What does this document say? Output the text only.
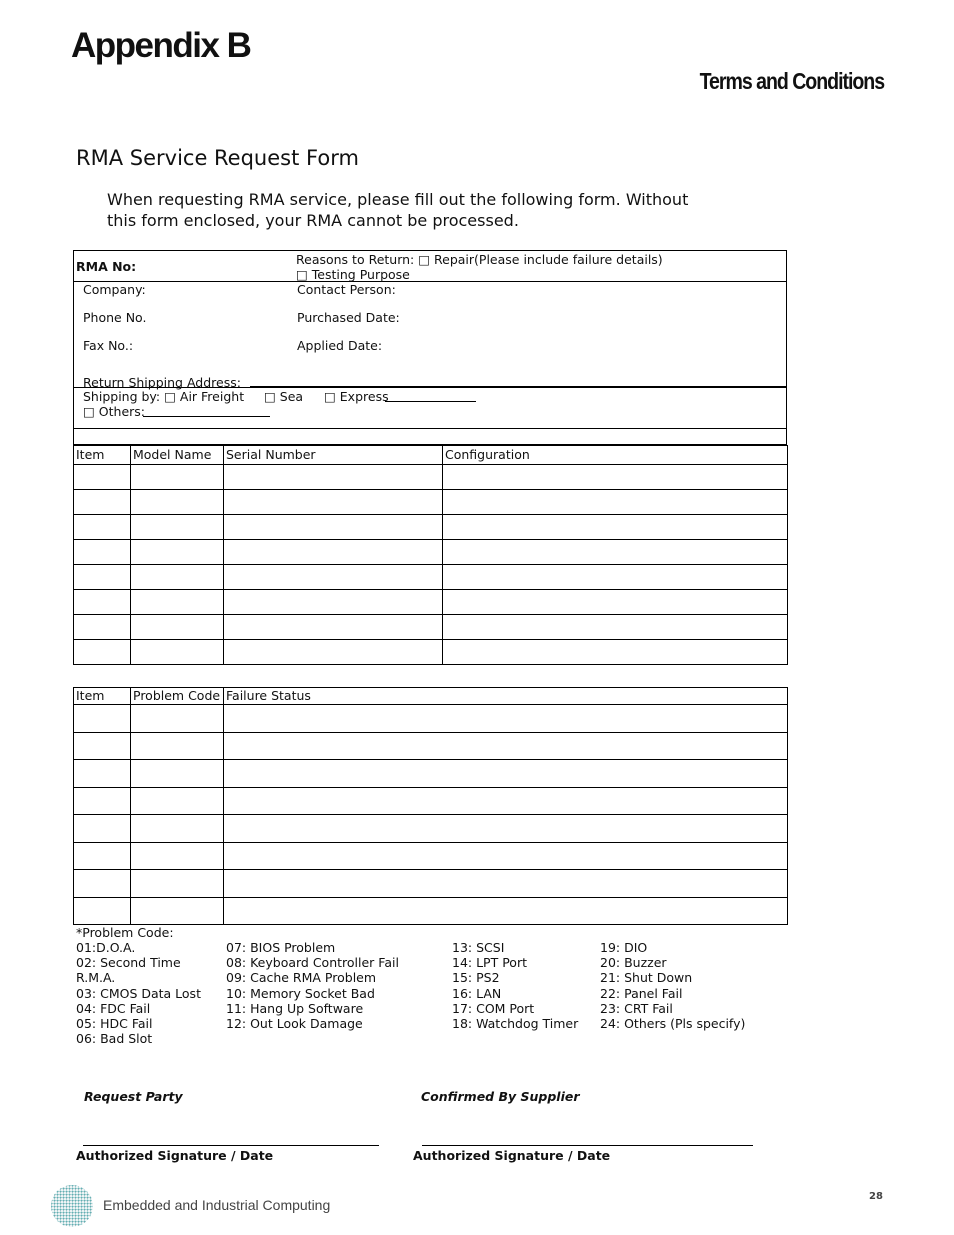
Appendix B
Terms and Conditions
RMA Service Request Form
When requesting RMA service, please fill out the following form. Without
this form enclosed, your RMA cannot be processed.
RMA No:	Reasons to Return: □ Repair(Please include failure details)
□ Testing Purpose
Company:	Contact Person:
Phone No.	Purchased Date:
Fax No.:	Applied Date:
Return Shipping Address:
Shipping by: □ Air Freight □ Sea □ Express
□ Others:
Item	Model Name	Serial Number	Configuration

Item	Problem Code	Failure Status

*Problem Code:
01:D.O.A.
02: Second Time
R.M.A.
03: CMOS Data Lost
04: FDC Fail
05: HDC Fail
06: Bad Slot
07: BIOS Problem
08: Keyboard Controller Fail
09: Cache RMA Problem
10: Memory Socket Bad
11: Hang Up Software
12: Out Look Damage
13: SCSI
14: LPT Port
15: PS2
16: LAN
17: COM Port
18: Watchdog Timer
19: DIO
20: Buzzer
21: Shut Down
22: Panel Fail
23: CRT Fail
24: Others (Pls specify)
Request Party	Confirmed By Supplier
Authorized Signature / Date	Authorized Signature / Date
Embedded and Industrial Computing
28
